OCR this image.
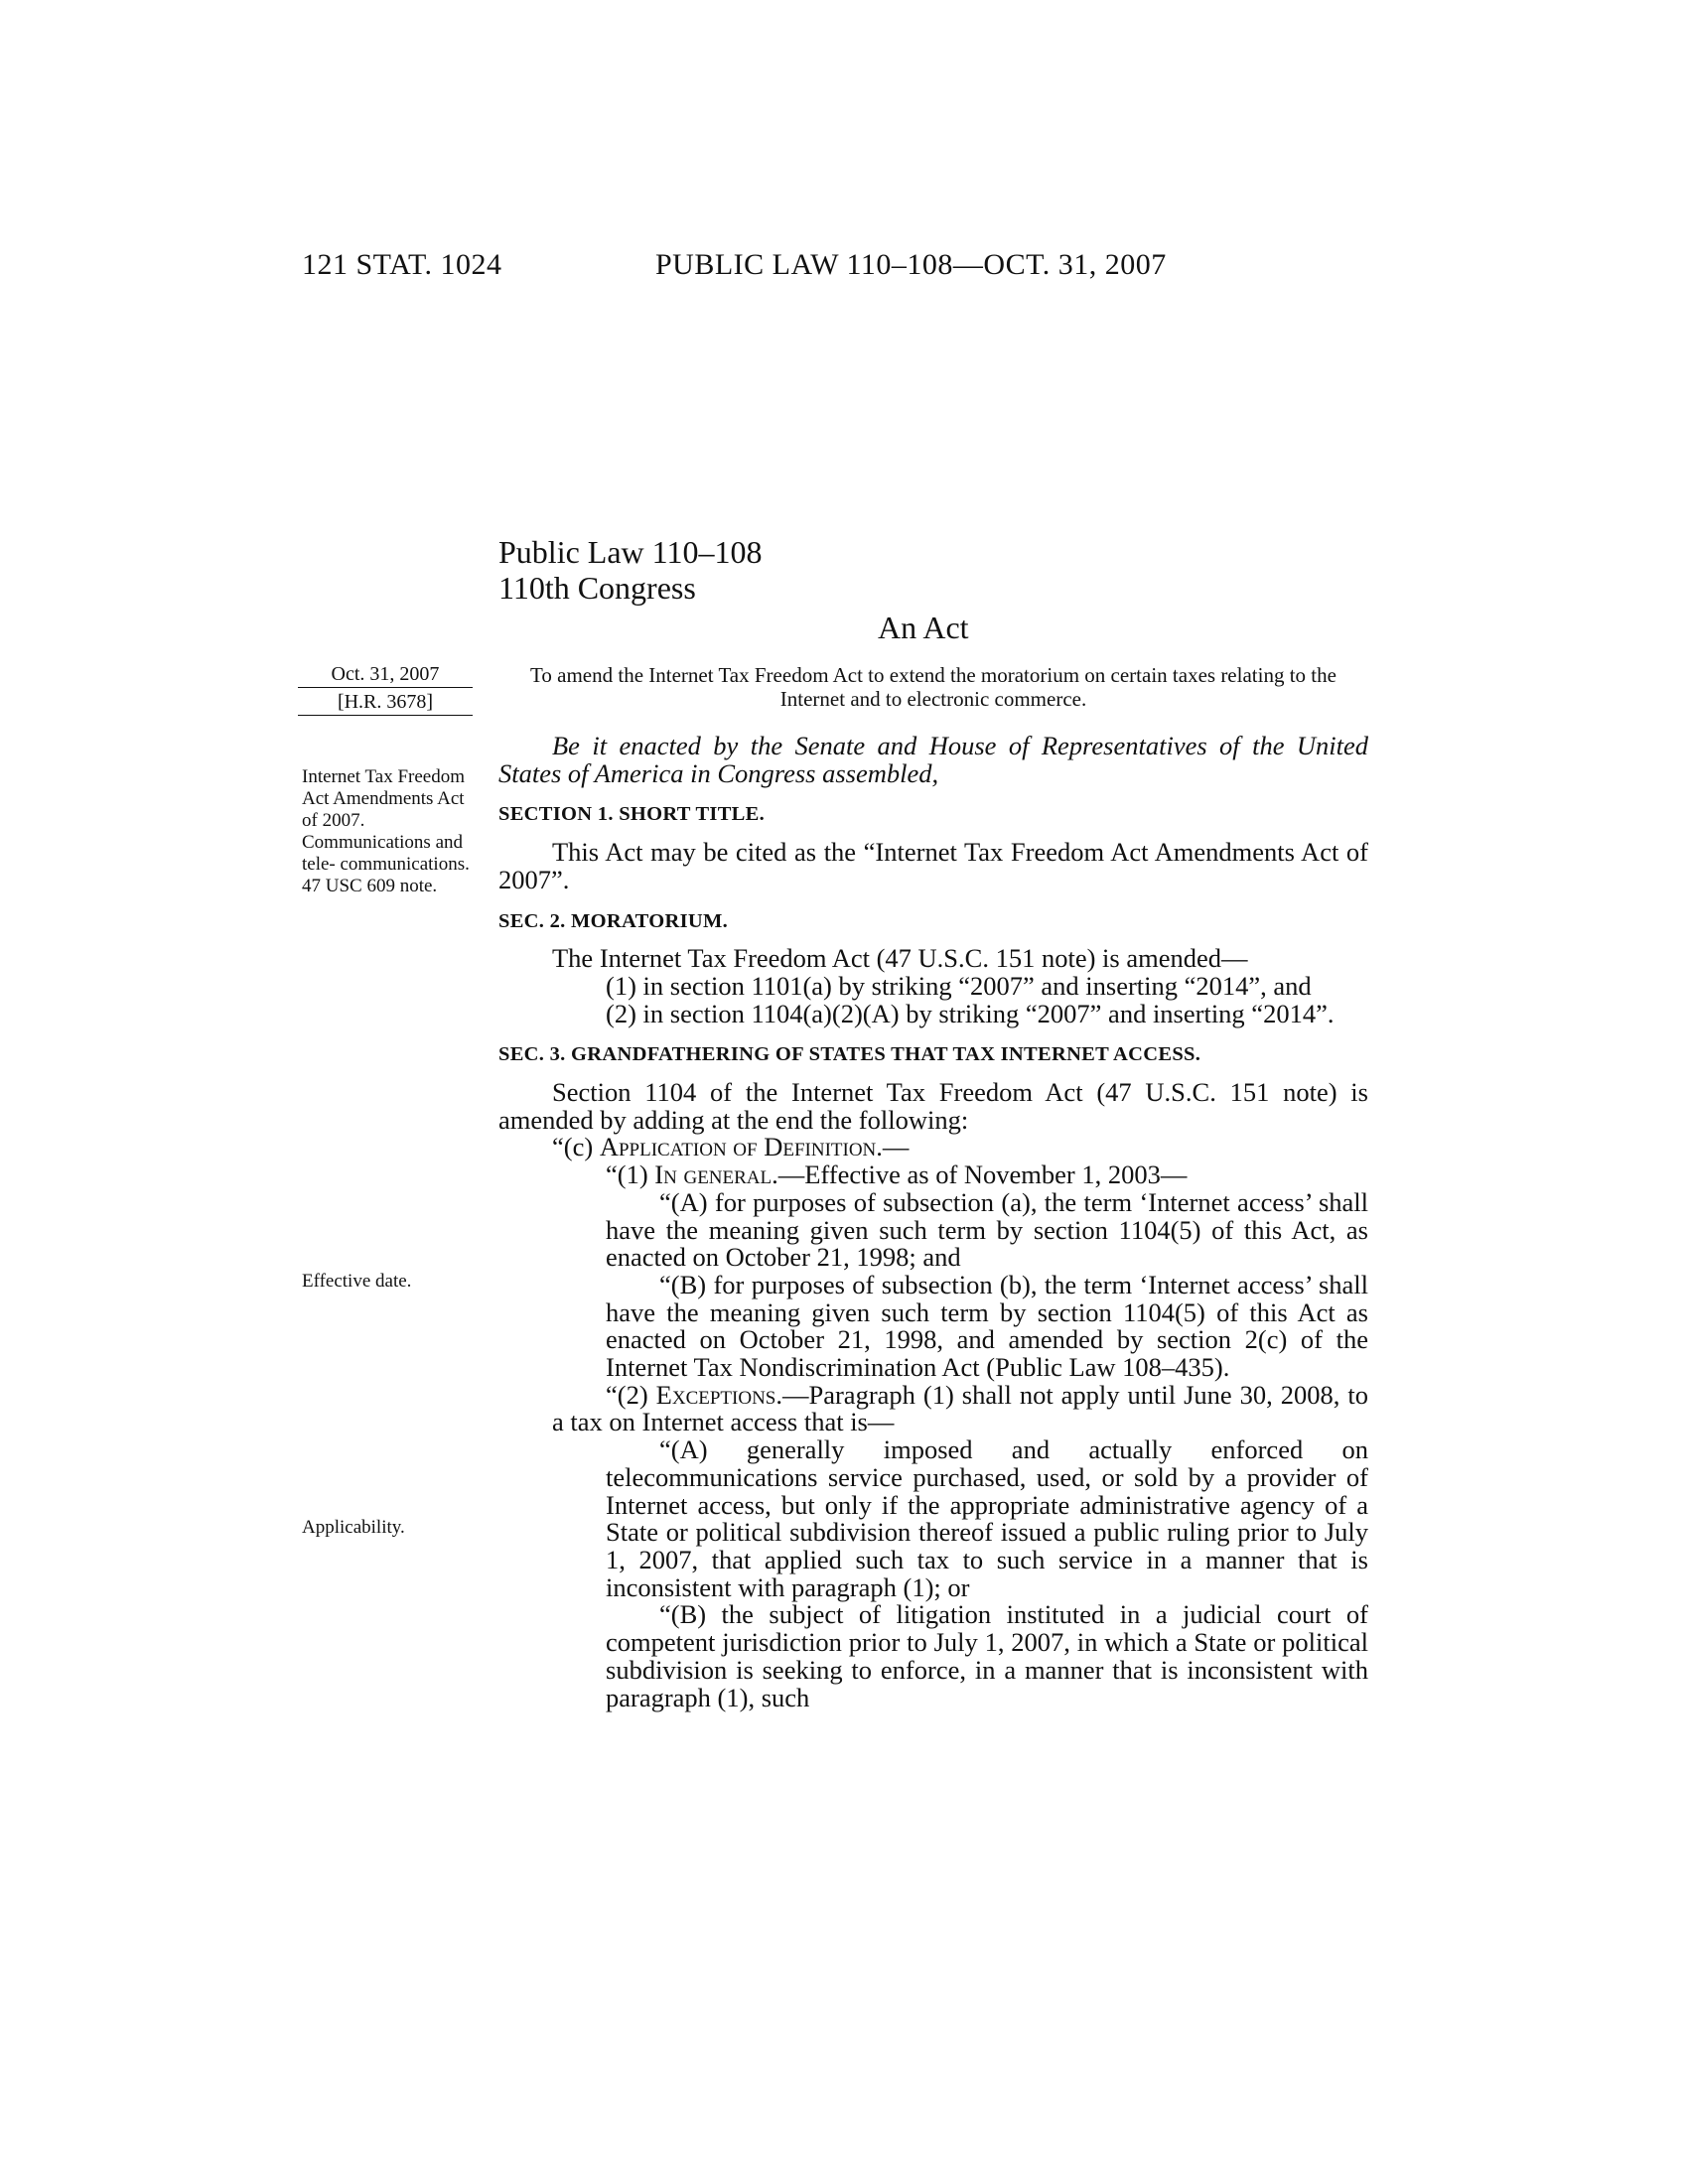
121 STAT. 1024	PUBLIC LAW 110–108—OCT. 31, 2007
Public Law 110–108
110th Congress
An Act
Oct. 31, 2007
[H.R. 3678]
Internet Tax Freedom Act Amendments Act of 2007. Communications and tele- communications. 47 USC 609 note.
Effective date.
Applicability.
To amend the Internet Tax Freedom Act to extend the moratorium on certain taxes relating to the Internet and to electronic commerce.

Be it enacted by the Senate and House of Representatives of the United States of America in Congress assembled,

SECTION 1. SHORT TITLE.

This Act may be cited as the “Internet Tax Freedom Act Amendments Act of 2007”.

SEC. 2. MORATORIUM.

The Internet Tax Freedom Act (47 U.S.C. 151 note) is amended—

(1) in section 1101(a) by striking “2007” and inserting “2014”, and

(2) in section 1104(a)(2)(A) by striking “2007” and inserting “2014”.

SEC. 3. GRANDFATHERING OF STATES THAT TAX INTERNET ACCESS.

Section 1104 of the Internet Tax Freedom Act (47 U.S.C. 151 note) is amended by adding at the end the following:

“(c) Application of Definition.—

“(1) In general.—Effective as of November 1, 2003—

“(A) for purposes of subsection (a), the term ‘Internet access’ shall have the meaning given such term by section 1104(5) of this Act, as enacted on October 21, 1998; and

“(B) for purposes of subsection (b), the term ‘Internet access’ shall have the meaning given such term by section 1104(5) of this Act as enacted on October 21, 1998, and amended by section 2(c) of the Internet Tax Nondiscrimination Act (Public Law 108–435).

“(2) Exceptions.—Paragraph (1) shall not apply until June 30, 2008, to a tax on Internet access that is—

“(A) generally imposed and actually enforced on telecommunications service purchased, used, or sold by a provider of Internet access, but only if the appropriate administrative agency of a State or political subdivision thereof issued a public ruling prior to July 1, 2007, that applied such tax to such service in a manner that is inconsistent with paragraph (1); or

“(B) the subject of litigation instituted in a judicial court of competent jurisdiction prior to July 1, 2007, in which a State or political subdivision is seeking to enforce, in a manner that is inconsistent with paragraph (1), such
